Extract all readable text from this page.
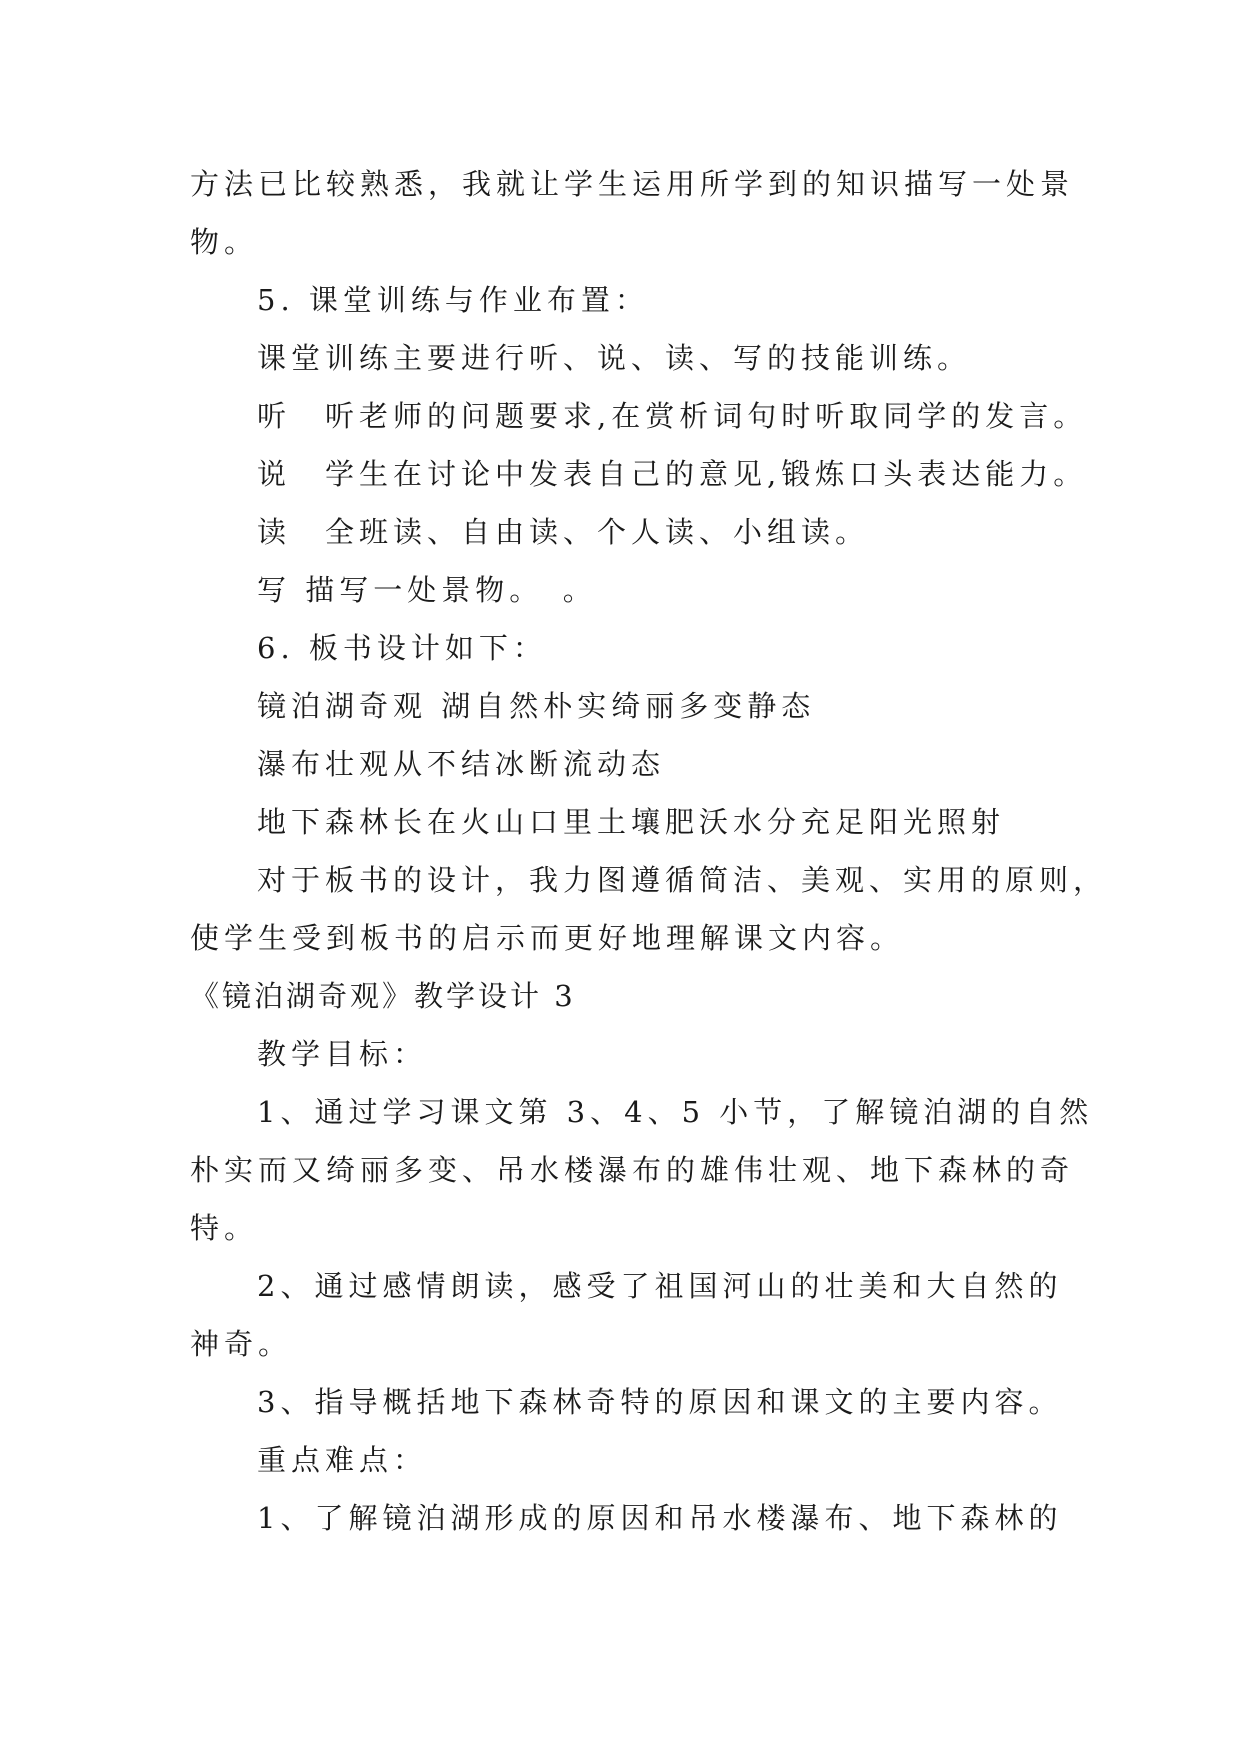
方法已比较熟悉，我就让学生运用所学到的知识描写一处景
物。
5. 课堂训练与作业布置：
课堂训练主要进行听、说、读、写的技能训练。
听　听老师的问题要求,在赏析词句时听取同学的发言。
说　学生在讨论中发表自己的意见,锻炼口头表达能力。
读　全班读、自由读、个人读、小组读。
写 描写一处景物。　。
6. 板书设计如下：
镜泊湖奇观 湖自然朴实绮丽多变静态
瀑布壮观从不结冰断流动态
地下森林长在火山口里土壤肥沃水分充足阳光照射
对于板书的设计，我力图遵循简洁、美观、实用的原则，
使学生受到板书的启示而更好地理解课文内容。
《镜泊湖奇观》教学设计 3
教学目标：
1、通过学习课文第 3、4、5 小节，了解镜泊湖的自然
朴实而又绮丽多变、吊水楼瀑布的雄伟壮观、地下森林的奇
特。
2、通过感情朗读，感受了祖国河山的壮美和大自然的
神奇。
3、指导概括地下森林奇特的原因和课文的主要内容。
重点难点：
1、了解镜泊湖形成的原因和吊水楼瀑布、地下森林的
